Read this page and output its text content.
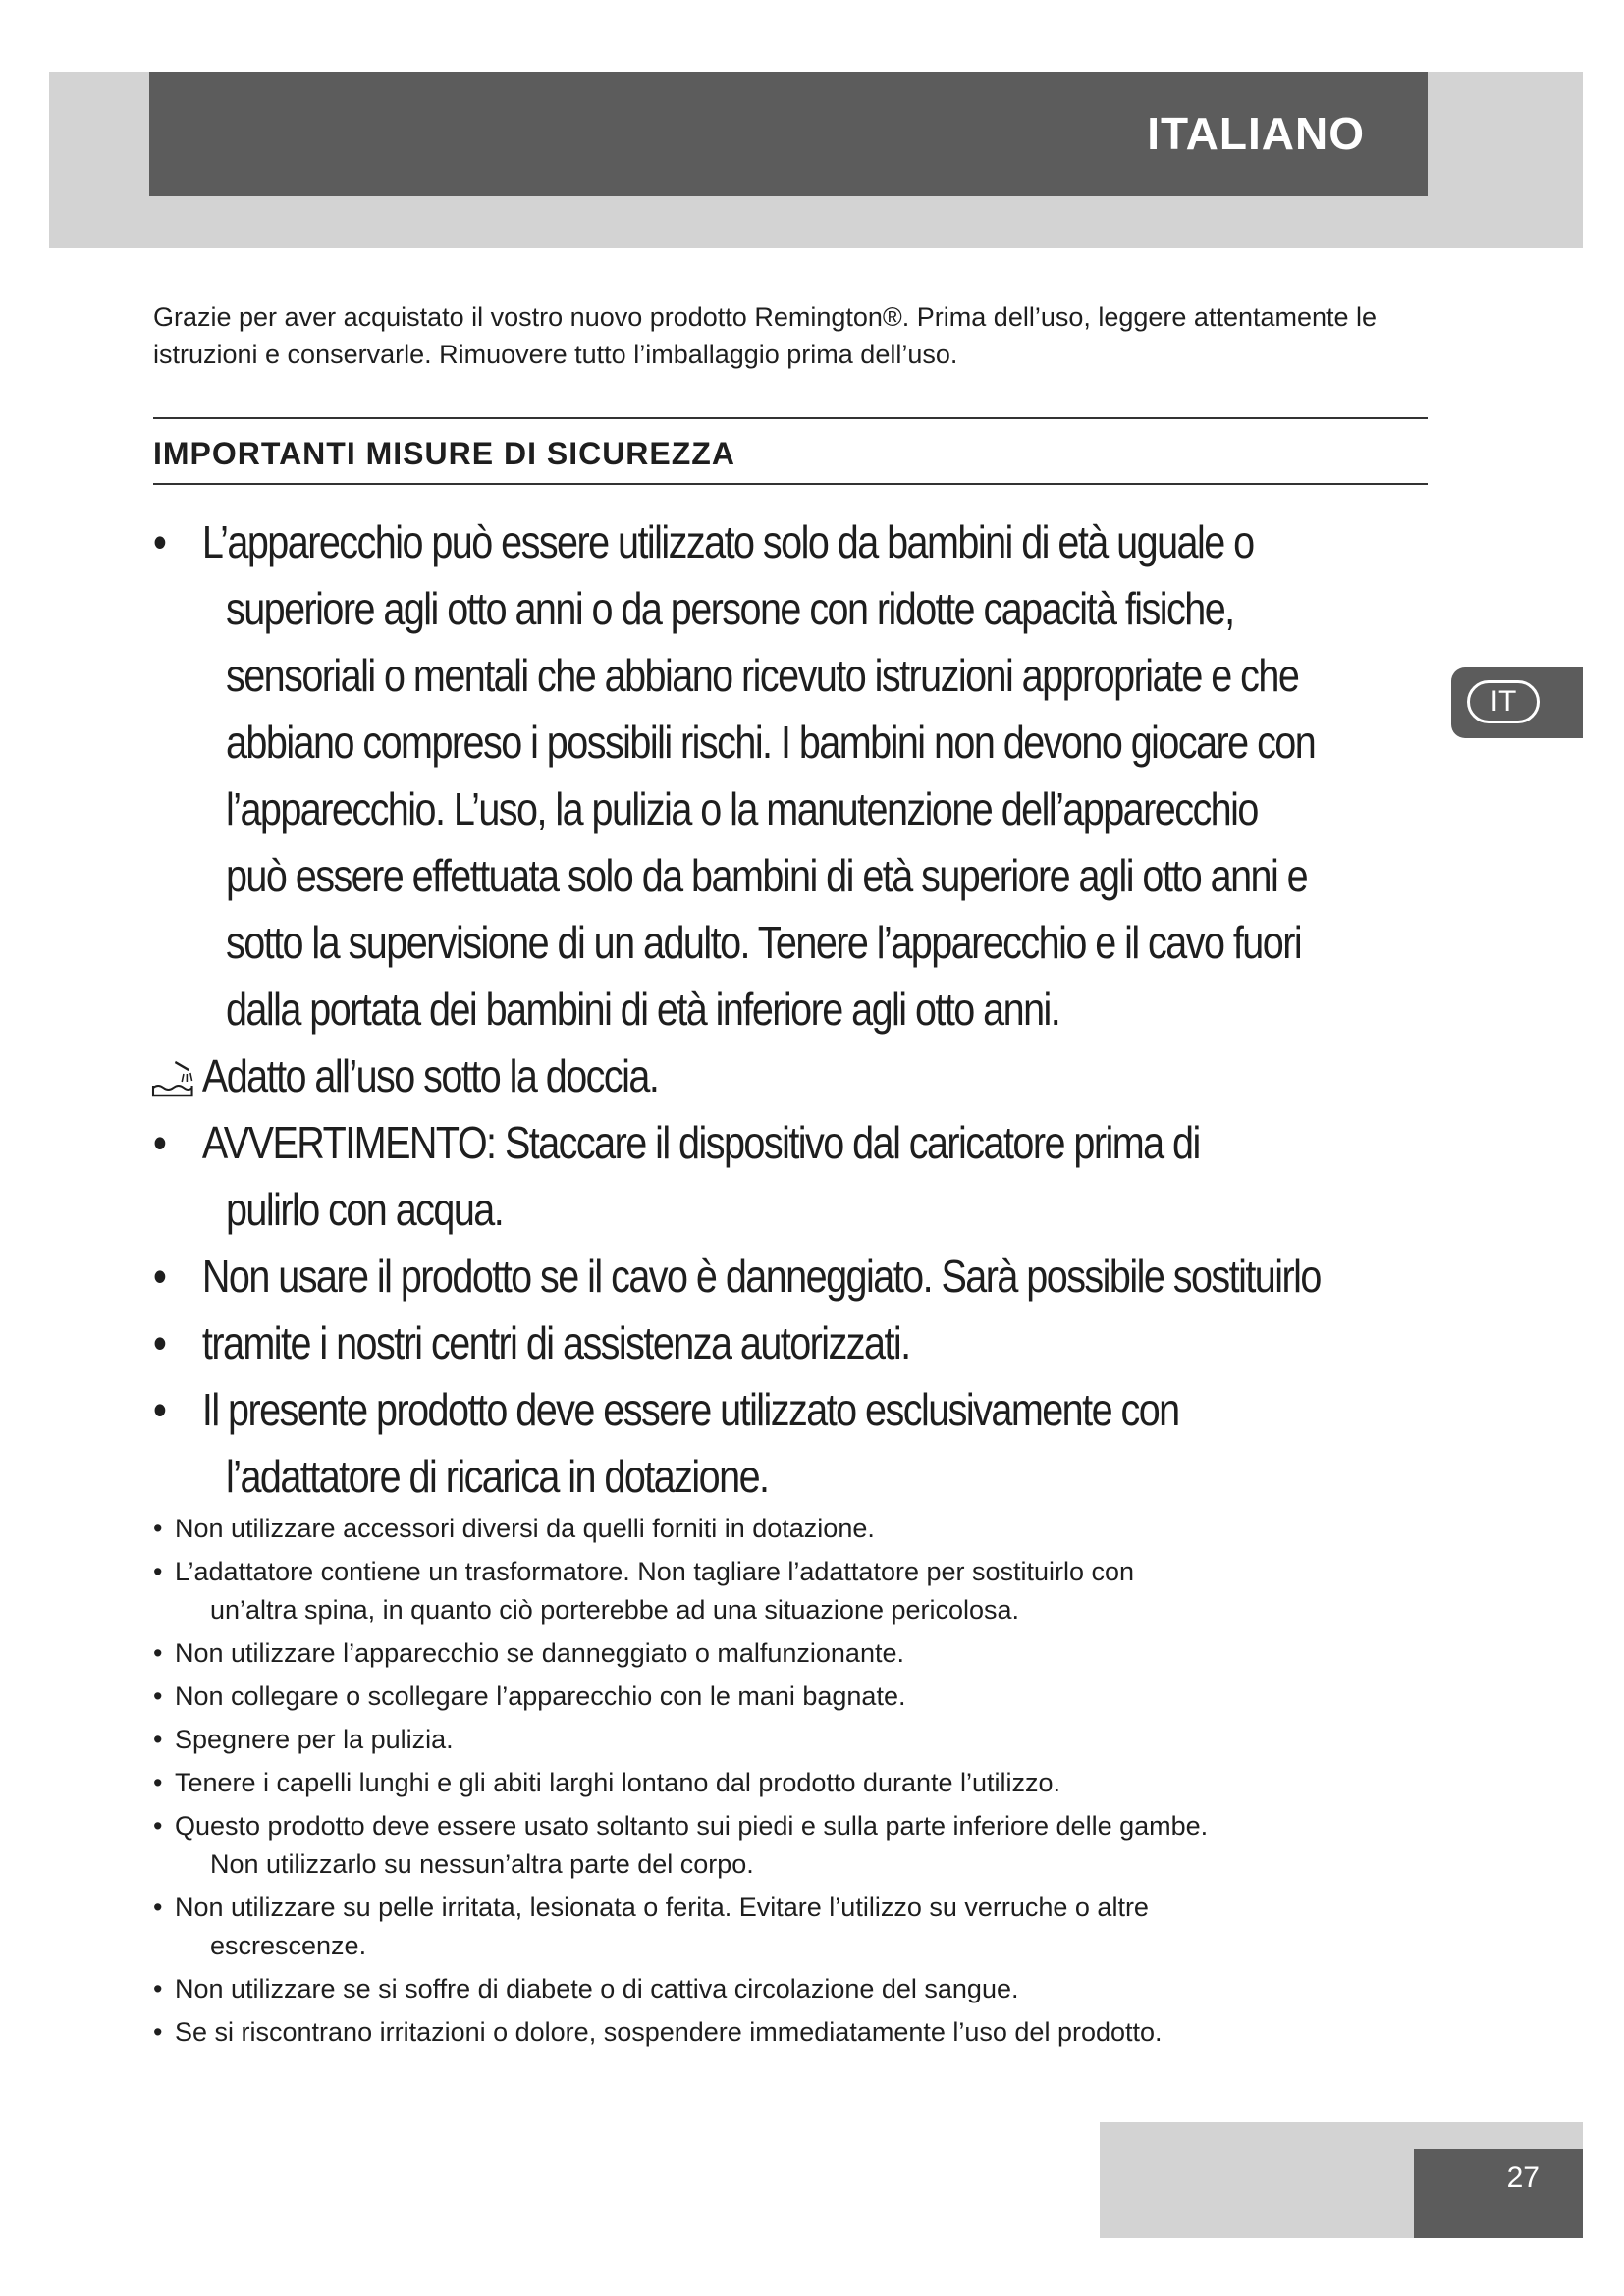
ITALIANO

Grazie per aver acquistato il vostro nuovo prodotto Remington®. Prima dell’uso, leggere attentamente le istruzioni e conservarle. Rimuovere tutto l’imballaggio prima dell’uso.

IMPORTANTI MISURE DI SICUREZZA
IT
• L’apparecchio può essere utilizzato solo da bambini di età uguale o superiore agli otto anni o da persone con ridotte capacità fisiche, sensoriali o mentali che abbiano ricevuto istruzioni appropriate e che abbiano compreso i possibili rischi. I bambini non devono giocare con l’apparecchio. L’uso, la pulizia o la manutenzione dell’apparecchio può essere effettuata solo da bambini di età superiore agli otto anni e sotto la supervisione di un adulto. Tenere l’apparecchio e il cavo fuori dalla portata dei bambini di età inferiore agli otto anni.
Adatto all’uso sotto la doccia.
• AVVERTIMENTO: Staccare il dispositivo dal caricatore prima di pulirlo con acqua.
• Non usare il prodotto se il cavo è danneggiato. Sarà possibile sostituirlo
• tramite i nostri centri di assistenza autorizzati.
• Il presente prodotto deve essere utilizzato esclusivamente con l’adattatore di ricarica in dotazione.
• Non utilizzare accessori diversi da quelli forniti in dotazione.
• L’adattatore contiene un trasformatore. Non tagliare l’adattatore per sostituirlo con
un’altra spina, in quanto ciò porterebbe ad una situazione pericolosa.
• Non utilizzare l’apparecchio se danneggiato o malfunzionante.
• Non collegare o scollegare l’apparecchio con le mani bagnate.
• Spegnere per la pulizia.
• Tenere i capelli lunghi e gli abiti larghi lontano dal prodotto durante l’utilizzo.
• Questo prodotto deve essere usato soltanto sui piedi e sulla parte inferiore delle gambe.
Non utilizzarlo su nessun’altra parte del corpo.
• Non utilizzare su pelle irritata, lesionata o ferita. Evitare l’utilizzo su verruche o altre
escrescenze.
• Non utilizzare se si soffre di diabete o di cattiva circolazione del sangue.
• Se si riscontrano irritazioni o dolore, sospendere immediatamente l’uso del prodotto.
27
